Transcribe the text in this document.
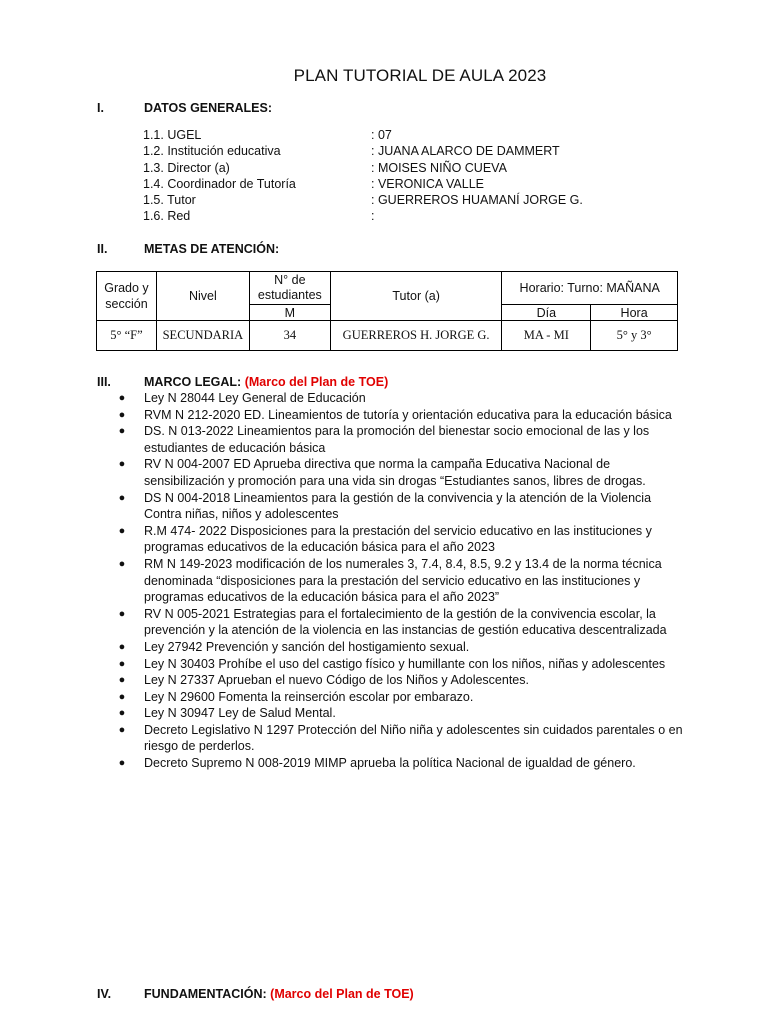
PLAN TUTORIAL DE AULA 2023
I.	DATOS GENERALES:
1.1. UGEL	: 07
1.2. Institución educativa	: JUANA ALARCO DE DAMMERT
1.3. Director (a)	: MOISES NIÑO CUEVA
1.4. Coordinador de Tutoría	: VERONICA VALLE
1.5. Tutor	: GUERREROS HUAMANÍ JORGE G.
1.6. Red	:
II.	METAS DE ATENCIÓN:
Grado y sección	Nivel	N° de estudiantes	Tutor (a)	Horario: Turno: MAÑANA	
		M		Día	Hora
5° “F”	SECUNDARIA	34	GUERREROS H. JORGE G.	MA - MI	5° y 3°
III.	MARCO LEGAL: (Marco del Plan de TOE)
● Ley N 28044 Ley General de Educación
● RVM N 212-2020 ED. Lineamientos de tutoría y orientación educativa para la educación básica
● DS. N 013-2022 Lineamientos para la promoción del bienestar socio emocional de las y los estudiantes de educación básica
● RV N 004-2007 ED Aprueba directiva que norma la campaña Educativa Nacional de sensibilización y promoción para una vida sin drogas “Estudiantes sanos, libres de drogas.
● DS N 004-2018 Lineamientos para la gestión de la convivencia y la atención de la Violencia Contra niñas, niños y adolescentes
● R.M 474- 2022 Disposiciones para la prestación del servicio educativo en las instituciones y programas educativos de la educación básica para el año 2023
● RM N 149-2023 modificación de los numerales 3, 7.4, 8.4, 8.5, 9.2 y 13.4 de la norma técnica denominada “disposiciones para la prestación del servicio educativo en las instituciones y programas educativos de la educación básica para el año 2023”
● RV N 005-2021 Estrategias para el fortalecimiento de la gestión de la convivencia escolar, la prevención y la atención de la violencia en las instancias de gestión educativa descentralizada
● Ley 27942 Prevención y sanción del hostigamiento sexual.
● Ley N 30403 Prohíbe el uso del castigo físico y humillante con los niños, niñas y adolescentes
● Ley N 27337 Aprueban el nuevo Código de los Niños y Adolescentes.
● Ley N 29600 Fomenta la reinserción escolar por embarazo.
● Ley N 30947 Ley de Salud Mental.
● Decreto Legislativo N 1297 Protección del Niño niña y adolescentes sin cuidados parentales o en riesgo de perderlos.
● Decreto Supremo N 008-2019 MIMP aprueba la política Nacional de igualdad de género.
IV.	FUNDAMENTACIÓN: (Marco del Plan de TOE)
